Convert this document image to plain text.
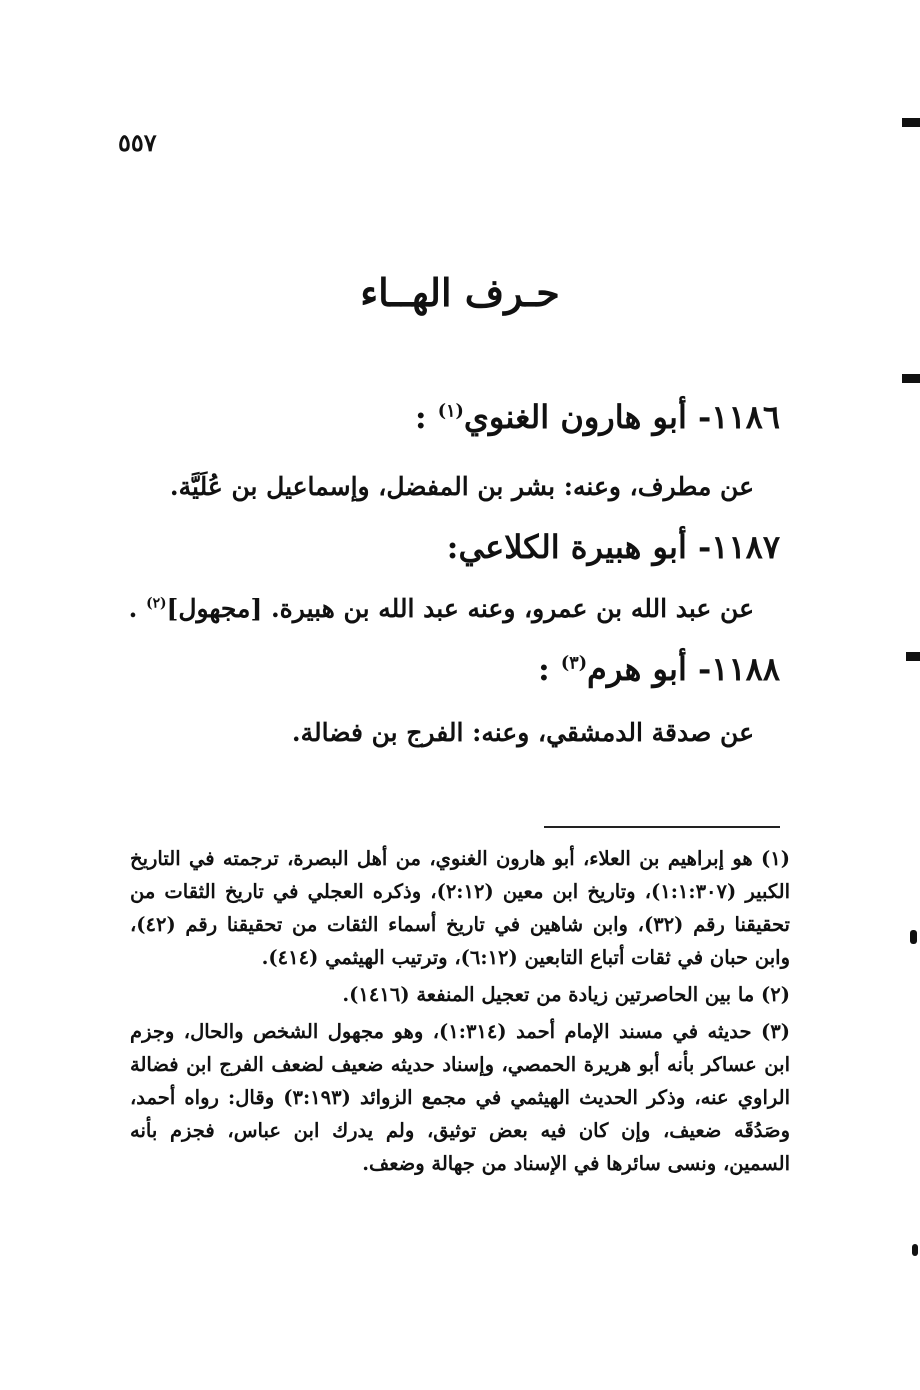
٥٥٧
حـرف الهــاء
١١٨٦- أبو هارون الغنوي$^{(١)}$ :
عن مطرف، وعنه: بشر بن المفضل، وإسماعيل بن عُلَيَّة.
١١٨٧- أبو هبيرة الكلاعي:
عن عبد الله بن عمرو، وعنه عبد الله بن هبيرة. [مجهول]$^{(٢)}$ .
١١٨٨- أبو هرم$^{(٣)}$ :
عن صدقة الدمشقي، وعنه: الفرج بن فضالة.

(١) هو إبراهيم بن العلاء، أبو هارون الغنوي، من أهل البصرة، ترجمته في التاريخ الكبير (١:١:٣٠٧)، وتاريخ ابن معين (٢:١٢)، وذكره العجلي في تاريخ الثقات من تحقيقنا رقم (٣٢)، وابن شاهين في تاريخ أسماء الثقات من تحقيقنا رقم (٤٢)، وابن حبان في ثقات أتباع التابعين (٦:١٢)، وترتيب الهيثمي (٤١٤).

(٢) ما بين الحاصرتين زيادة من تعجيل المنفعة (١٤١٦).

(٣) حديثه في مسند الإمام أحمد (١:٣١٤)، وهو مجهول الشخص والحال، وجزم ابن عساكر بأنه أبو هريرة الحمصي، وإسناد حديثه ضعيف لضعف الفرج ابن فضالة الراوي عنه، وذكر الحديث الهيثمي في مجمع الزوائد (٣:١٩٣) وقال: رواه أحمد، وصَدُقَه ضعيف، وإن كان فيه بعض توثيق، ولم يدرك ابن عباس، فجزم بأنه السمين، ونسى سائرها في الإسناد من جهالة وضعف.
